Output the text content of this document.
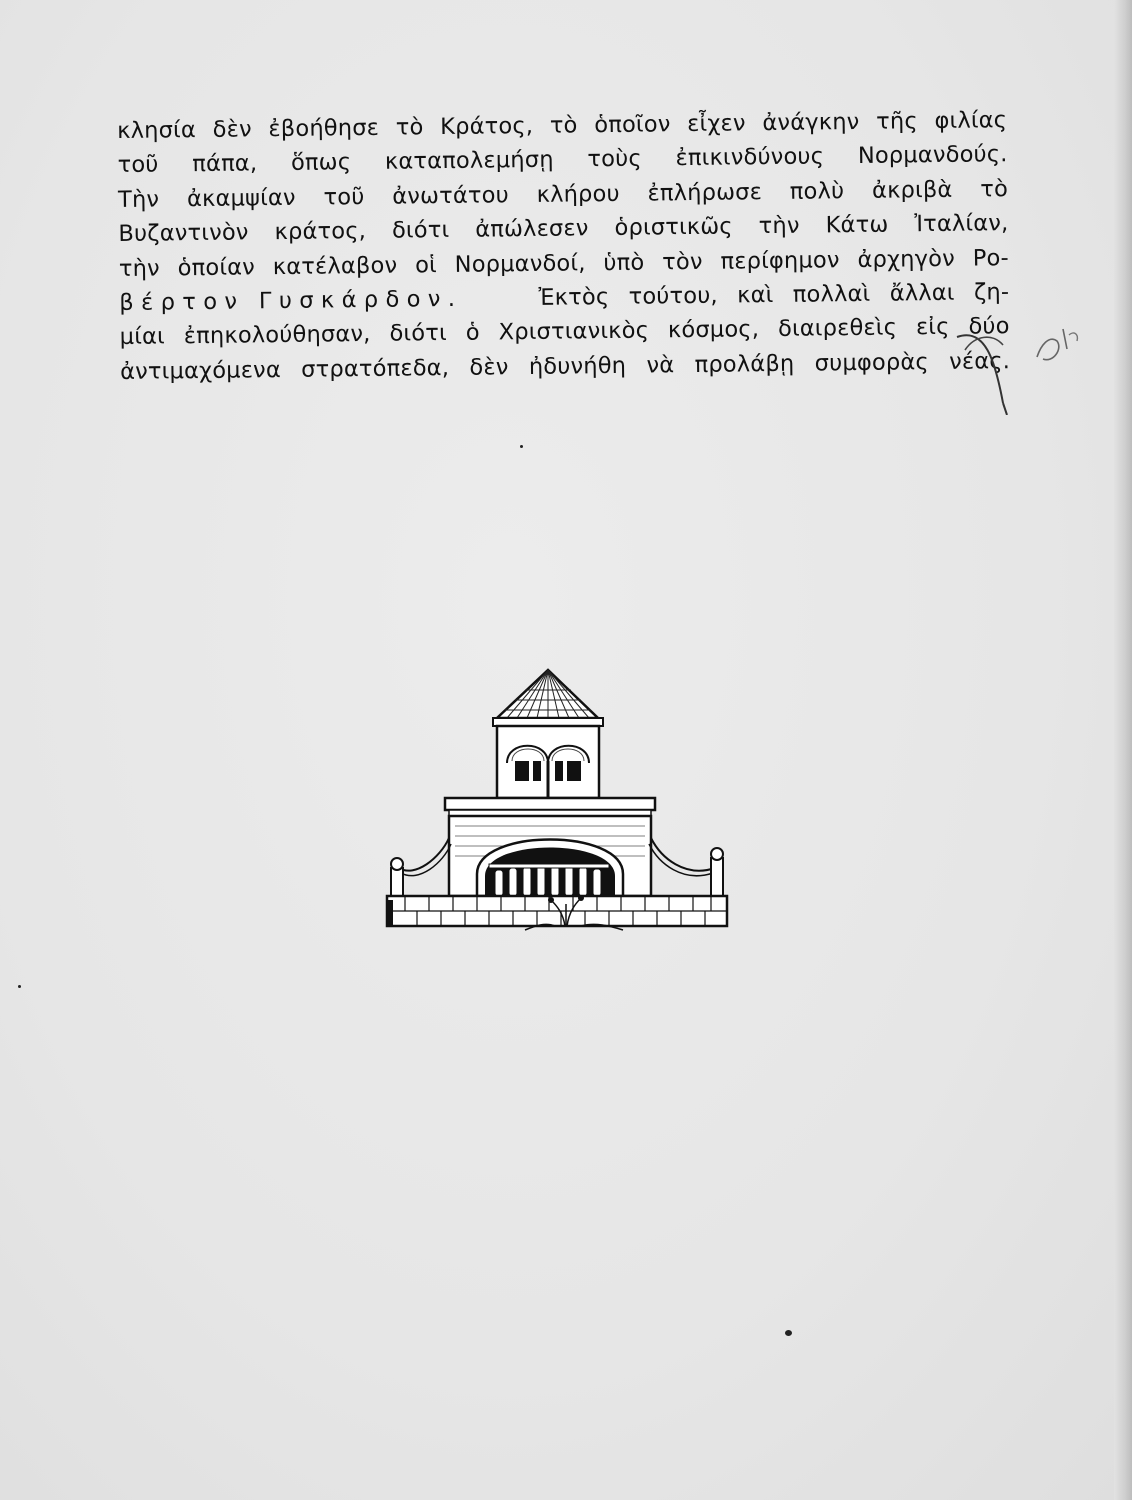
κλησία δὲν ἐβοήθησε τὸ Κράτος, τὸ ὁποῖον εἶχεν ἀνάγκην τῆς φιλίας
τοῦ πάπα, ὅπως καταπολεμήσῃ τοὺς ἐπικινδύνους Νορμανδούς.
Τὴν ἀκαμψίαν τοῦ ἀνωτάτου κλήρου ἐπλήρωσε πολὺ ἀκριβὰ τὸ
Βυζαντινὸν κράτος, διότι ἀπώλεσεν ὁριστικῶς τὴν Κάτω Ἰταλίαν,
τὴν ὁποίαν κατέλαβον οἱ Νορμανδοί, ὑπὸ τὸν περίφημον ἀρχηγὸν Ρο-
βέρτον Γυσκάρδον.	Ἐκτὸς τούτου, καὶ πολλαὶ ἄλλαι ζη-
μίαι ἐπηκολούθησαν, διότι ὁ Χριστιανικὸς κόσμος, διαιρεθεὶς εἰς δύο
ἀντιμαχόμενα στρατόπεδα, δὲν ἠδυνήθη νὰ προλάβῃ συμφορὰς νέας.
